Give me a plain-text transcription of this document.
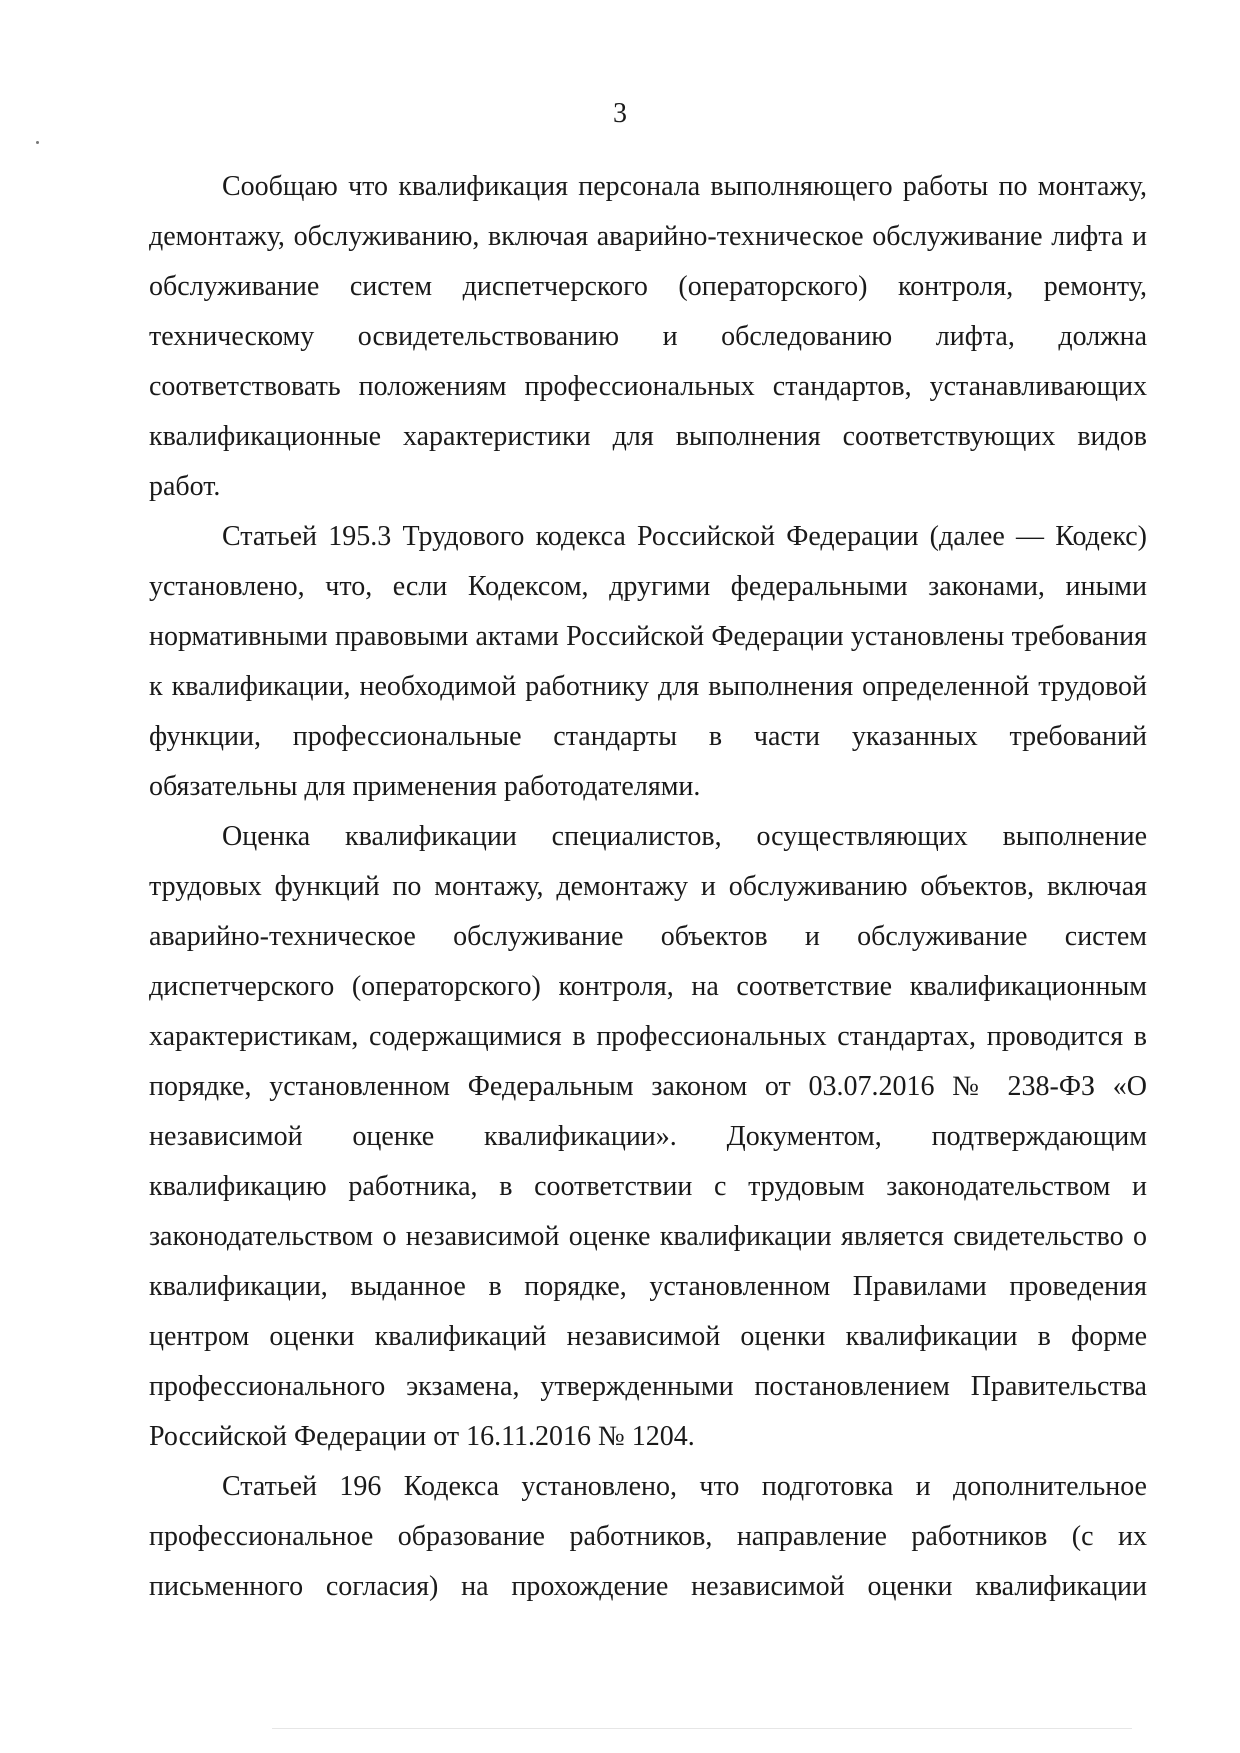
3

Сообщаю что квалификация персонала выполняющего работы по монтажу, демонтажу, обслуживанию, включая аварийно-техническое обслуживание лифта и обслуживание систем диспетчерского (операторского) контроля, ремонту, техническому освидетельствованию и обследованию лифта, должна соответствовать положениям профессиональных стандартов, устанавливающих квалификационные характеристики для выполнения соответствующих видов работ.

Статьей 195.3 Трудового кодекса Российской Федерации (далее — Кодекс) установлено, что, если Кодексом, другими федеральными законами, иными нормативными правовыми актами Российской Федерации установлены требования к квалификации, необходимой работнику для выполнения определенной трудовой функции, профессиональные стандарты в части указанных требований обязательны для применения работодателями.

Оценка квалификации специалистов, осуществляющих выполнение трудовых функций по монтажу, демонтажу и обслуживанию объектов, включая аварийно-техническое обслуживание объектов и обслуживание систем диспетчерского (операторского) контроля, на соответствие квалификационным характеристикам, содержащимися в профессиональных стандартах, проводится в порядке, установленном Федеральным законом от 03.07.2016 № 238-ФЗ «О независимой оценке квалификации». Документом, подтверждающим квалификацию работника, в соответствии с трудовым законодательством и законодательством о независимой оценке квалификации является свидетельство о квалификации, выданное в порядке, установленном Правилами проведения центром оценки квалификаций независимой оценки квалификации в форме профессионального экзамена, утвержденными постановлением Правительства Российской Федерации от 16.11.2016 № 1204.

Статьей 196 Кодекса установлено, что подготовка и дополнительное профессиональное образование работников, направление работников (с их письменного согласия) на прохождение независимой оценки квалификации
